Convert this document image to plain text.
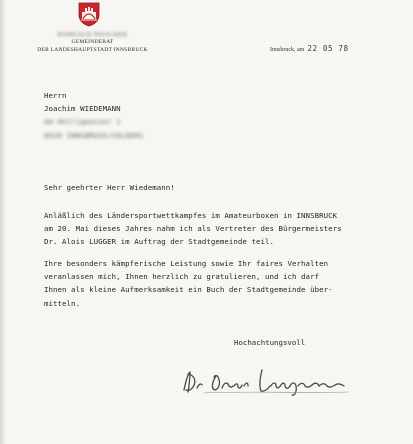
ROMUALD NIESCHER
GEMEINDERAT
DER LANDESHAUPTSTADT INNSBRUCK	Innsbruck, am 22 05 78
Herrn
Joachim WIEDEMANN
Am Heiligwasser 1
6020 INNSBRUCK/VOLDERS
Sehr geehrter Herr Wiedemann!
Anläßlich des Ländersportwettkampfes im Amateurboxen in INNSBRUCK
am 20. Mai dieses Jahres nahm ich als Vertreter des Bürgermeisters
Dr. Alois LUGGER im Auftrag der Stadtgemeinde teil.
Ihre besonders kämpferische Leistung sowie Ihr faires Verhalten
veranlassen mich, Ihnen herzlich zu gratulieren, und ich darf
Ihnen als kleine Aufmerksamkeit ein Buch der Stadtgemeinde über-
mitteln.
Hochachtungsvoll
